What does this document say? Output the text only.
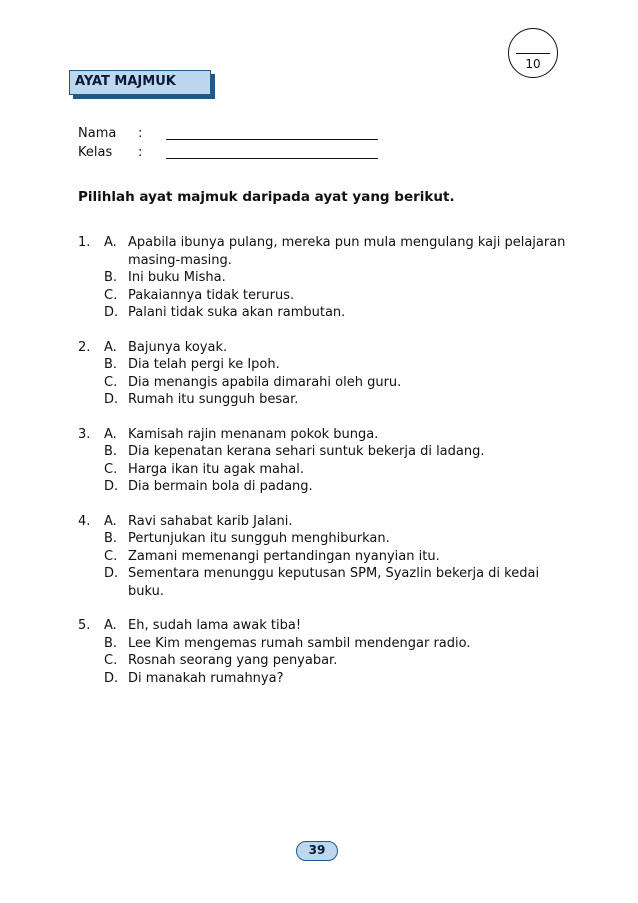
10
AYAT MAJMUK
Nama :
Kelas :
Pilihlah ayat majmuk daripada ayat yang berikut.
1. A. Apabila ibunya pulang, mereka pun mula mengulang kaji pelajaran masing-masing.
B. Ini buku Misha.
C. Pakaiannya tidak terurus.
D. Palani tidak suka akan rambutan.
2. A. Bajunya koyak.
B. Dia telah pergi ke Ipoh.
C. Dia menangis apabila dimarahi oleh guru.
D. Rumah itu sungguh besar.
3. A. Kamisah rajin menanam pokok bunga.
B. Dia kepenatan kerana sehari suntuk bekerja di ladang.
C. Harga ikan itu agak mahal.
D. Dia bermain bola di padang.
4. A. Ravi sahabat karib Jalani.
B. Pertunjukan itu sungguh menghiburkan.
C. Zamani memenangi pertandingan nyanyian itu.
D. Sementara menunggu keputusan SPM, Syazlin bekerja di kedai buku.
5. A. Eh, sudah lama awak tiba!
B. Lee Kim mengemas rumah sambil mendengar radio.
C. Rosnah seorang yang penyabar.
D. Di manakah rumahnya?
39
